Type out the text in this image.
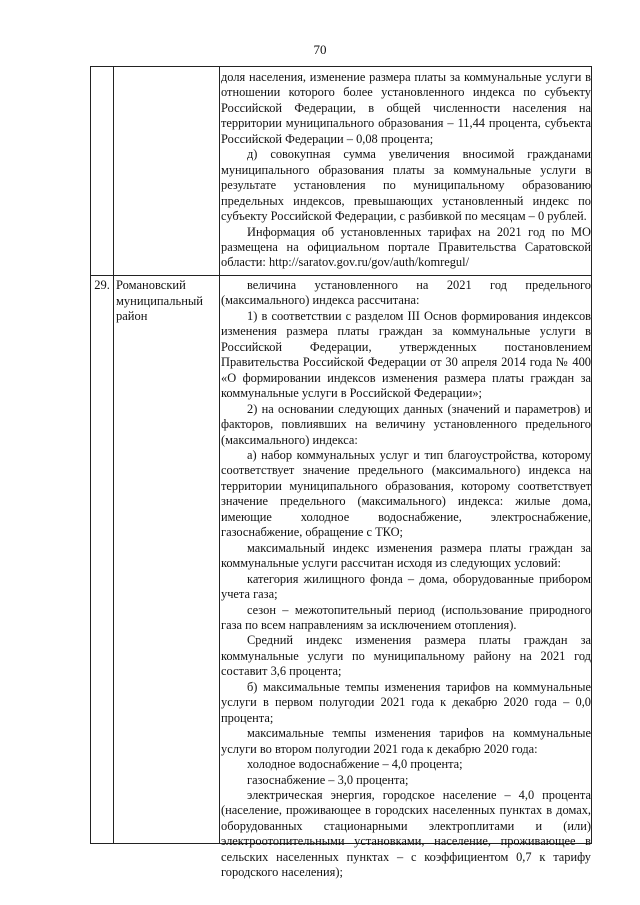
70

доля населения, изменение размера платы за коммунальные услуги в отношении которого более установленного индекса по субъекту Российской Федерации, в общей численности населения на территории муниципального образования – 11,44 процента, субъекта Российской Федерации – 0,08 процента;

д) совокупная сумма увеличения вносимой гражданами муниципального образования платы за коммунальные услуги в результате установления по муниципальному образованию предельных индексов, превышающих установленный индекс по субъекту Российской Федерации, с разбивкой по месяцам – 0 рублей.

Информация об установленных тарифах на 2021 год по МО размещена на официальном портале Правительства Саратовской области: http://saratov.gov.ru/gov/auth/komregul/

29. Романовский муниципальный район

величина установленного на 2021 год предельного (максимального) индекса рассчитана:

1) в соответствии с разделом III Основ формирования индексов изменения размера платы граждан за коммунальные услуги в Российской Федерации, утвержденных постановлением Правительства Российской Федерации от 30 апреля 2014 года № 400 «О формировании индексов изменения размера платы граждан за коммунальные услуги в Российской Федерации»;

2) на основании следующих данных (значений и параметров) и факторов, повлиявших на величину установленного предельного (максимального) индекса:

а) набор коммунальных услуг и тип благоустройства, которому соответствует значение предельного (максимального) индекса на территории муниципального образования, которому соответствует значение предельного (максимального) индекса: жилые дома, имеющие холодное водоснабжение, электроснабжение, газоснабжение, обращение с ТКО;

максимальный индекс изменения размера платы граждан за коммунальные услуги рассчитан исходя из следующих условий:

категория жилищного фонда – дома, оборудованные прибором учета газа;

сезон – межотопительный период (использование природного газа по всем направлениям за исключением отопления).

Средний индекс изменения размера платы граждан за коммунальные услуги по муниципальному району на 2021 год составит 3,6 процента;

б) максимальные темпы изменения тарифов на коммунальные услуги в первом полугодии 2021 года к декабрю 2020 года – 0,0 процента;

максимальные темпы изменения тарифов на коммунальные услуги во втором полугодии 2021 года к декабрю 2020 года:

холодное водоснабжение – 4,0 процента;

газоснабжение – 3,0 процента;

электрическая энергия, городское население – 4,0 процента (население, проживающее в городских населенных пунктах в домах, оборудованных стационарными электроплитами и (или) электроотопительными установками, население, проживающее в сельских населенных пунктах – с коэффициентом 0,7 к тарифу городского населения);
